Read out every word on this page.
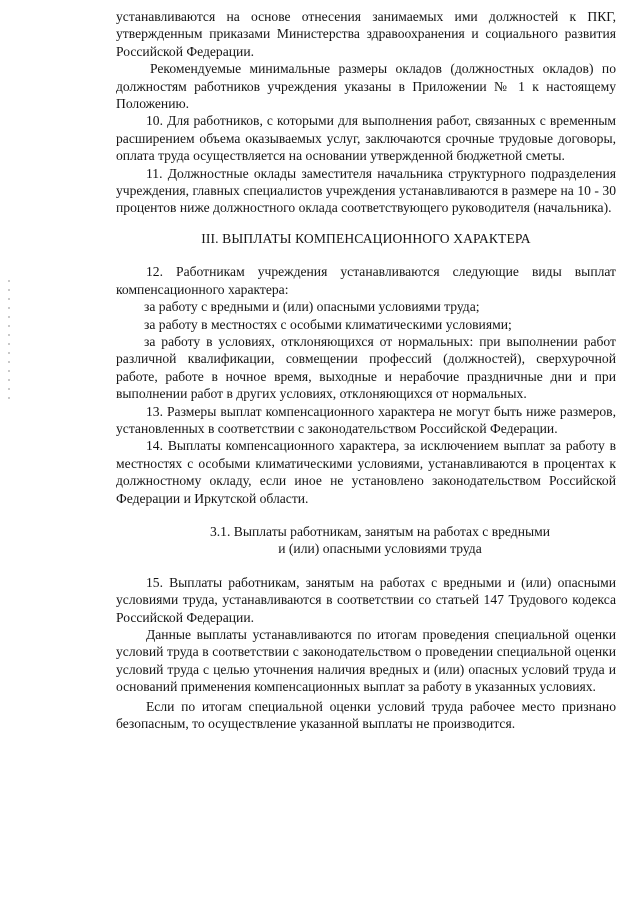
устанавливаются на основе отнесения занимаемых ими должностей к ПКГ, утвержденным приказами Министерства здравоохранения и социального развития Российской Федерации.

Рекомендуемые минимальные размеры окладов (должностных окладов) по должностям работников учреждения указаны в Приложении № 1 к настоящему Положению.

10. Для работников, с которыми для выполнения работ, связанных с временным расширением объема оказываемых услуг, заключаются срочные трудовые договоры, оплата труда осуществляется на основании утвержденной бюджетной сметы.

11. Должностные оклады заместителя начальника структурного подразделения учреждения, главных специалистов учреждения устанавливаются в размере на 10 - 30 процентов ниже должностного оклада соответствующего руководителя (начальника).

III. ВЫПЛАТЫ КОМПЕНСАЦИОННОГО ХАРАКТЕРА

12. Работникам учреждения устанавливаются следующие виды выплат компенсационного характера:

за работу с вредными и (или) опасными условиями труда;

за работу в местностях с особыми климатическими условиями;

за работу в условиях, отклоняющихся от нормальных: при выполнении работ различной квалификации, совмещении профессий (должностей), сверхурочной работе, работе в ночное время, выходные и нерабочие праздничные дни и при выполнении работ в других условиях, отклоняющихся от нормальных.

13. Размеры выплат компенсационного характера не могут быть ниже размеров, установленных в соответствии с законодательством Российской Федерации.

14. Выплаты компенсационного характера, за исключением выплат за работу в местностях с особыми климатическими условиями, устанавливаются в процентах к должностному окладу, если иное не установлено законодательством Российской Федерации и Иркутской области.

3.1. Выплаты работникам, занятым на работах с вредными

и (или) опасными условиями труда

15. Выплаты работникам, занятым на работах с вредными и (или) опасными условиями труда, устанавливаются в соответствии со статьей 147 Трудового кодекса Российской Федерации.

Данные выплаты устанавливаются по итогам проведения специальной оценки условий труда в соответствии с законодательством о проведении специальной оценки условий труда с целью уточнения наличия вредных и (или) опасных условий труда и оснований применения компенсационных выплат за работу в указанных условиях.

Если по итогам специальной оценки условий труда рабочее место признано безопасным, то осуществление указанной выплаты не производится.
